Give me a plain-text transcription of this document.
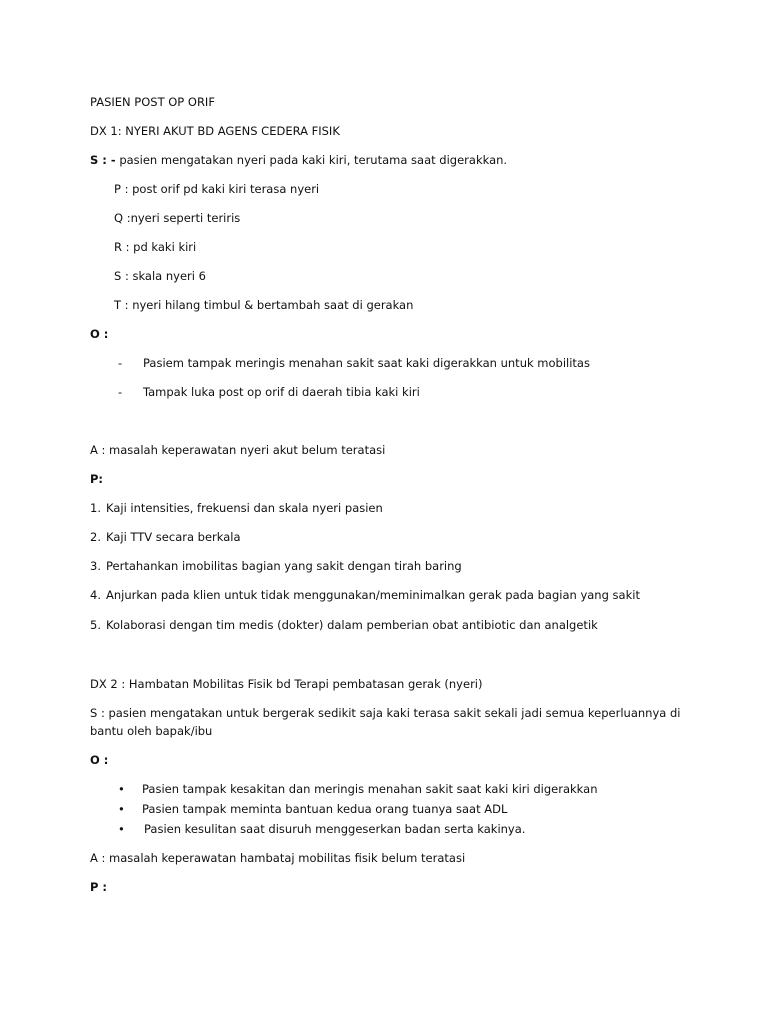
PASIEN POST OP ORIF
DX 1: NYERI AKUT BD AGENS CEDERA FISIK
S : - pasien mengatakan nyeri pada kaki kiri, terutama saat digerakkan.
P : post orif pd kaki kiri terasa nyeri
Q :nyeri seperti teriris
R : pd kaki kiri
S : skala nyeri 6
T : nyeri hilang timbul & bertambah saat di gerakan
O :
- Pasiem tampak meringis menahan sakit saat kaki digerakkan untuk mobilitas
- Tampak luka post op orif di daerah tibia kaki kiri
A : masalah keperawatan nyeri akut belum teratasi
P:
1. Kaji intensities, frekuensi dan skala nyeri pasien
2. Kaji TTV secara berkala
3. Pertahankan imobilitas bagian yang sakit dengan tirah baring
4. Anjurkan pada klien untuk tidak menggunakan/meminimalkan gerak pada bagian yang sakit
5. Kolaborasi dengan tim medis (dokter) dalam pemberian obat antibiotic dan analgetik
DX 2 : Hambatan Mobilitas Fisik bd Terapi pembatasan gerak (nyeri)
S : pasien mengatakan untuk bergerak sedikit saja kaki terasa sakit sekali jadi semua keperluannya di
bantu oleh bapak/ibu
O :
• Pasien tampak kesakitan dan meringis menahan sakit saat kaki kiri digerakkan
• Pasien tampak meminta bantuan kedua orang tuanya saat ADL
• Pasien kesulitan saat disuruh menggeserkan badan serta kakinya.
A : masalah keperawatan hambataj mobilitas fisik belum teratasi
P :
